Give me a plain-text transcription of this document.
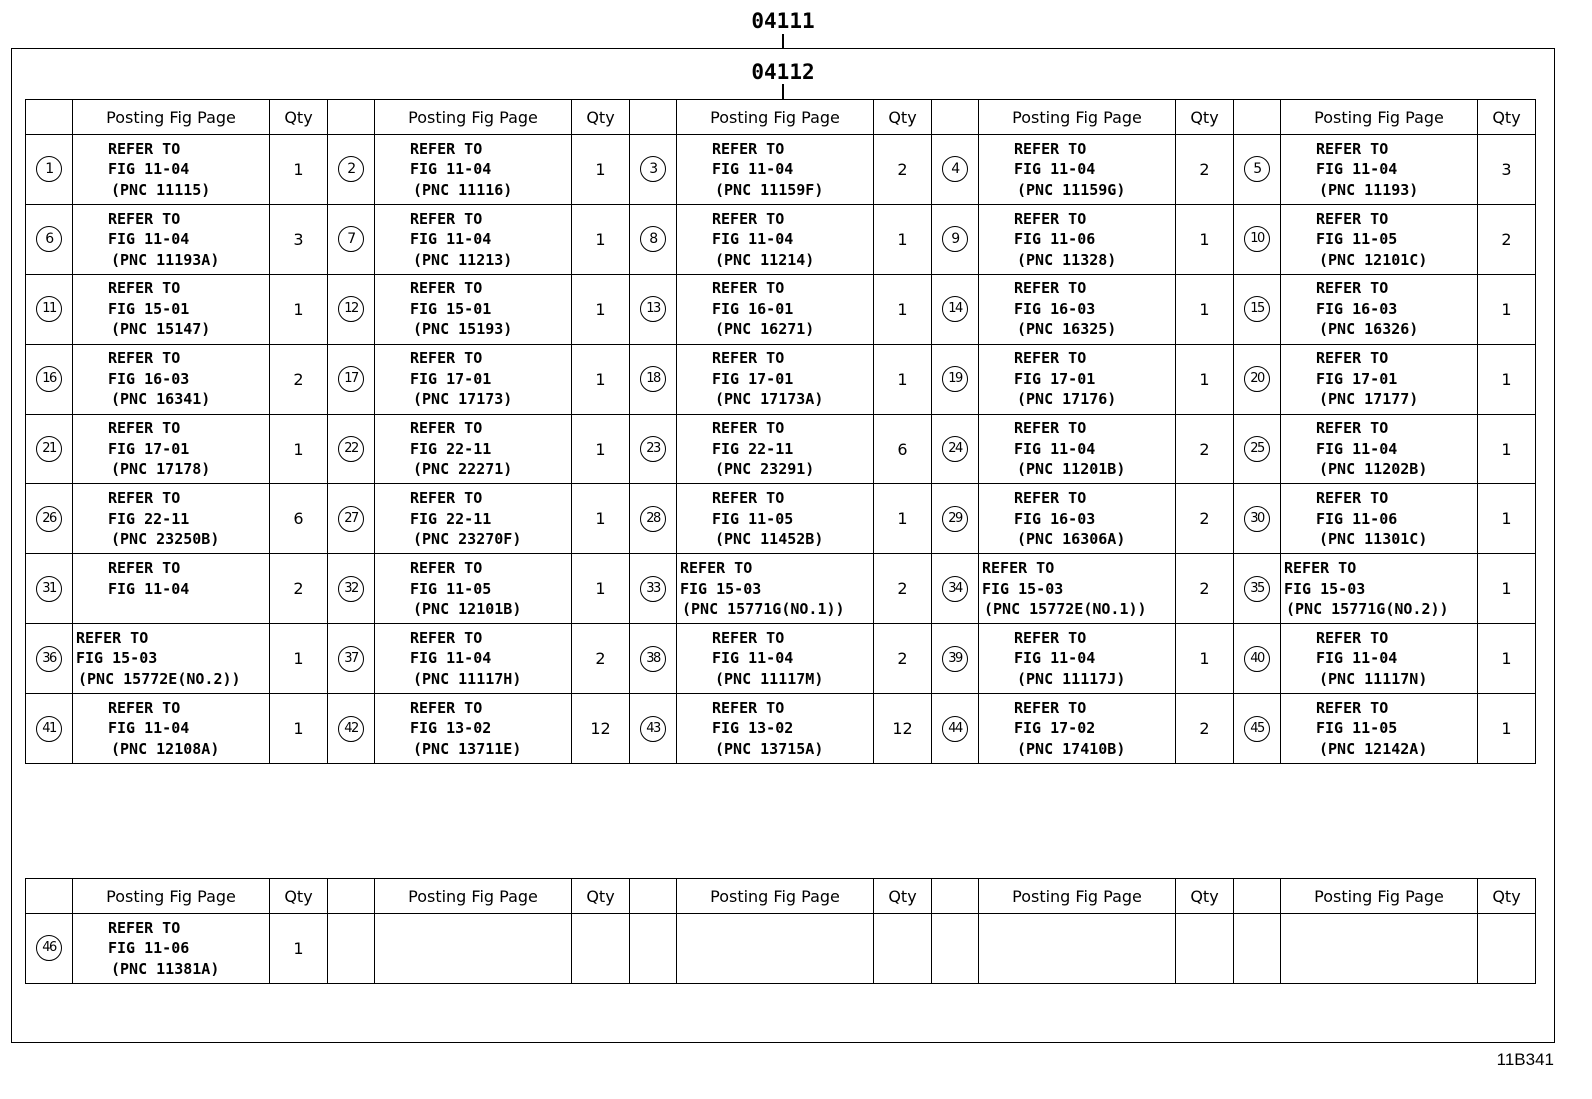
04111
04112
	Posting Fig Page	Qty		Posting Fig Page	Qty		Posting Fig Page	Qty		Posting Fig Page	Qty		Posting Fig Page	Qty
1	REFER TO
FIG 11-04
(PNC 11115)	1	2	REFER TO
FIG 11-04
(PNC 11116)	1	3	REFER TO
FIG 11-04
(PNC 11159F)	2	4	REFER TO
FIG 11-04
(PNC 11159G)	2	5	REFER TO
FIG 11-04
(PNC 11193)	3
6	REFER TO
FIG 11-04
(PNC 11193A)	3	7	REFER TO
FIG 11-04
(PNC 11213)	1	8	REFER TO
FIG 11-04
(PNC 11214)	1	9	REFER TO
FIG 11-06
(PNC 11328)	1	10	REFER TO
FIG 11-05
(PNC 12101C)	2
11	REFER TO
FIG 15-01
(PNC 15147)	1	12	REFER TO
FIG 15-01
(PNC 15193)	1	13	REFER TO
FIG 16-01
(PNC 16271)	1	14	REFER TO
FIG 16-03
(PNC 16325)	1	15	REFER TO
FIG 16-03
(PNC 16326)	1
16	REFER TO
FIG 16-03
(PNC 16341)	2	17	REFER TO
FIG 17-01
(PNC 17173)	1	18	REFER TO
FIG 17-01
(PNC 17173A)	1	19	REFER TO
FIG 17-01
(PNC 17176)	1	20	REFER TO
FIG 17-01
(PNC 17177)	1
21	REFER TO
FIG 17-01
(PNC 17178)	1	22	REFER TO
FIG 22-11
(PNC 22271)	1	23	REFER TO
FIG 22-11
(PNC 23291)	6	24	REFER TO
FIG 11-04
(PNC 11201B)	2	25	REFER TO
FIG 11-04
(PNC 11202B)	1
26	REFER TO
FIG 22-11
(PNC 23250B)	6	27	REFER TO
FIG 22-11
(PNC 23270F)	1	28	REFER TO
FIG 11-05
(PNC 11452B)	1	29	REFER TO
FIG 16-03
(PNC 16306A)	2	30	REFER TO
FIG 11-06
(PNC 11301C)	1
31	REFER TO
FIG 11-04	2	32	REFER TO
FIG 11-05
(PNC 12101B)	1	33	REFER TO
FIG 15-03
(PNC 15771G(NO.1))	2	34	REFER TO
FIG 15-03
(PNC 15772E(NO.1))	2	35	REFER TO
FIG 15-03
(PNC 15771G(NO.2))	1
36	REFER TO
FIG 15-03
(PNC 15772E(NO.2))	1	37	REFER TO
FIG 11-04
(PNC 11117H)	2	38	REFER TO
FIG 11-04
(PNC 11117M)	2	39	REFER TO
FIG 11-04
(PNC 11117J)	1	40	REFER TO
FIG 11-04
(PNC 11117N)	1
41	REFER TO
FIG 11-04
(PNC 12108A)	1	42	REFER TO
FIG 13-02
(PNC 13711E)	12	43	REFER TO
FIG 13-02
(PNC 13715A)	12	44	REFER TO
FIG 17-02
(PNC 17410B)	2	45	REFER TO
FIG 11-05
(PNC 12142A)	1
	Posting Fig Page	Qty		Posting Fig Page	Qty		Posting Fig Page	Qty		Posting Fig Page	Qty		Posting Fig Page	Qty
46	REFER TO
FIG 11-06
(PNC 11381A)	1		

11B341
